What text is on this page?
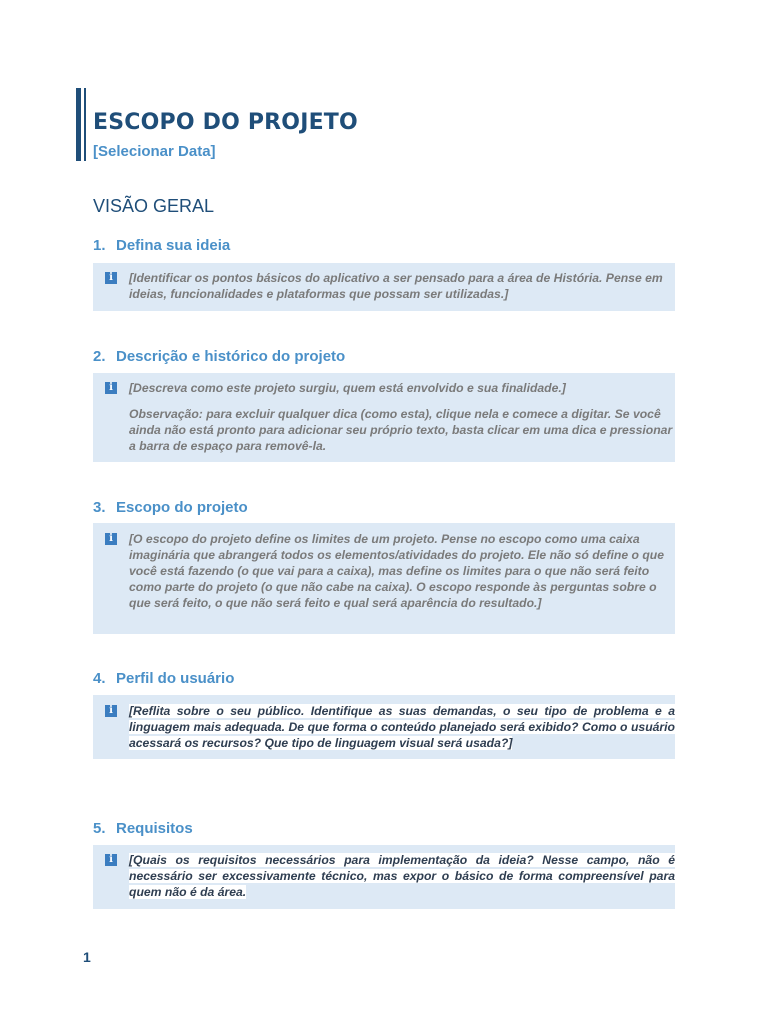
ESCOPO DO PROJETO
[Selecionar Data]
VISÃO GERAL
1. Defina sua ideia
i	[Identificar os pontos básicos do aplicativo a ser pensado para a área de História. Pense em ideias, funcionalidades e plataformas que possam ser utilizadas.]

2. Descrição e histórico do projeto
i	[Descreva como este projeto surgiu, quem está envolvido e sua finalidade.]

Observação: para excluir qualquer dica (como esta), clique nela e comece a digitar. Se você ainda não está pronto para adicionar seu próprio texto, basta clicar em uma dica e pressionar a barra de espaço para removê-la.

3. Escopo do projeto
i	[O escopo do projeto define os limites de um projeto. Pense no escopo como uma caixa imaginária que abrangerá todos os elementos/atividades do projeto. Ele não só define o que você está fazendo (o que vai para a caixa), mas define os limites para o que não será feito como parte do projeto (o que não cabe na caixa). O escopo responde às perguntas sobre o que será feito, o que não será feito e qual será aparência do resultado.]

4. Perfil do usuário
i	[Reflita sobre o seu público. Identifique as suas demandas, o seu tipo de problema e a linguagem mais adequada. De que forma o conteúdo planejado será exibido? Como o usuário acessará os recursos? Que tipo de linguagem visual será usada?]

5. Requisitos
i	[Quais os requisitos necessários para implementação da ideia? Nesse campo, não é necessário ser excessivamente técnico, mas expor o básico de forma compreensível para quem não é da área.

1
